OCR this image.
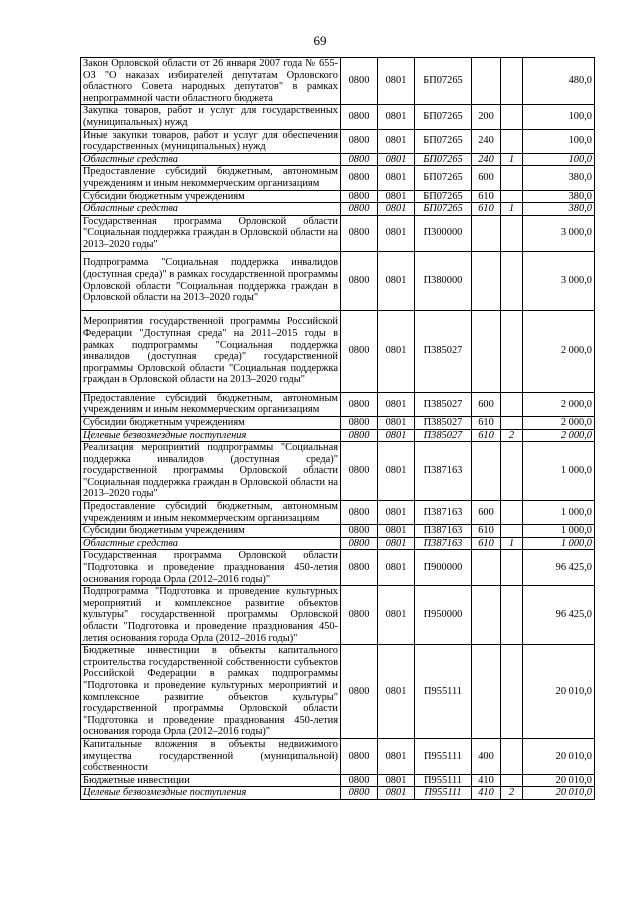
69
Закон Орловской области от 26 января 2007 года № 655-ОЗ "О наказах избирателей депутатам Орловского областного Совета народных депутатов" в рамках непрограммной части областного бюджета	0800	0801	БП07265			480,0
Закупка товаров, работ и услуг для государственных (муниципальных) нужд	0800	0801	БП07265	200		100,0
Иные закупки товаров, работ и услуг для обеспечения государственных (муниципальных) нужд	0800	0801	БП07265	240		100,0
Областные средства	0800	0801	БП07265	240	1	100,0
Предоставление субсидий бюджетным, автономным учреждениям и иным некоммерческим организациям	0800	0801	БП07265	600		380,0
Субсидии бюджетным учреждениям	0800	0801	БП07265	610		380,0
Областные средства	0800	0801	БП07265	610	1	380,0
Государственная программа Орловской области "Социальная поддержка граждан в Орловской области на 2013–2020 годы"	0800	0801	П300000			3 000,0
Подпрограмма "Социальная поддержка инвалидов (доступная среда)" в рамках государственной программы Орловской области "Социальная поддержка граждан в Орловской области на 2013–2020 годы"	0800	0801	П380000			3 000,0
Мероприятия государственной программы Российской Федерации "Доступная среда" на 2011–2015 годы в рамках подпрограммы "Социальная поддержка инвалидов (доступная среда)" государственной программы Орловской области "Социальная поддержка граждан в Орловской области на 2013–2020 годы"	0800	0801	П385027			2 000,0
Предоставление субсидий бюджетным, автономным учреждениям и иным некоммерческим организациям	0800	0801	П385027	600		2 000,0
Субсидии бюджетным учреждениям	0800	0801	П385027	610		2 000,0
Целевые безвозмездные поступления	0800	0801	П385027	610	2	2 000,0
Реализация мероприятий подпрограммы "Социальная поддержка инвалидов (доступная среда)" государственной программы Орловской области "Социальная поддержка граждан в Орловской области на 2013–2020 годы"	0800	0801	П387163			1 000,0
Предоставление субсидий бюджетным, автономным учреждениям и иным некоммерческим организациям	0800	0801	П387163	600		1 000,0
Субсидии бюджетным учреждениям	0800	0801	П387163	610		1 000,0
Областные средства	0800	0801	П387163	610	1	1 000,0
Государственная программа Орловской области "Подготовка и проведение празднования 450-летия основания города Орла (2012–2016 годы)"	0800	0801	П900000			96 425,0
Подпрограмма "Подготовка и проведение культурных мероприятий и комплексное развитие объектов культуры" государственной программы Орловской области "Подготовка и проведение празднования 450-летия основания города Орла (2012–2016 годы)"	0800	0801	П950000			96 425,0
Бюджетные инвестиции в объекты капитального строительства государственной собственности субъектов Российской Федерации в рамках подпрограммы "Подготовка и проведение культурных мероприятий и комплексное развитие объектов культуры" государственной программы Орловской области "Подготовка и проведение празднования 450-летия основания города Орла (2012–2016 годы)"	0800	0801	П955111			20 010,0
Капитальные вложения в объекты недвижимого имущества государственной (муниципальной) собственности	0800	0801	П955111	400		20 010,0
Бюджетные инвестиции	0800	0801	П955111	410		20 010,0
Целевые безвозмездные поступления	0800	0801	П955111	410	2	20 010,0
